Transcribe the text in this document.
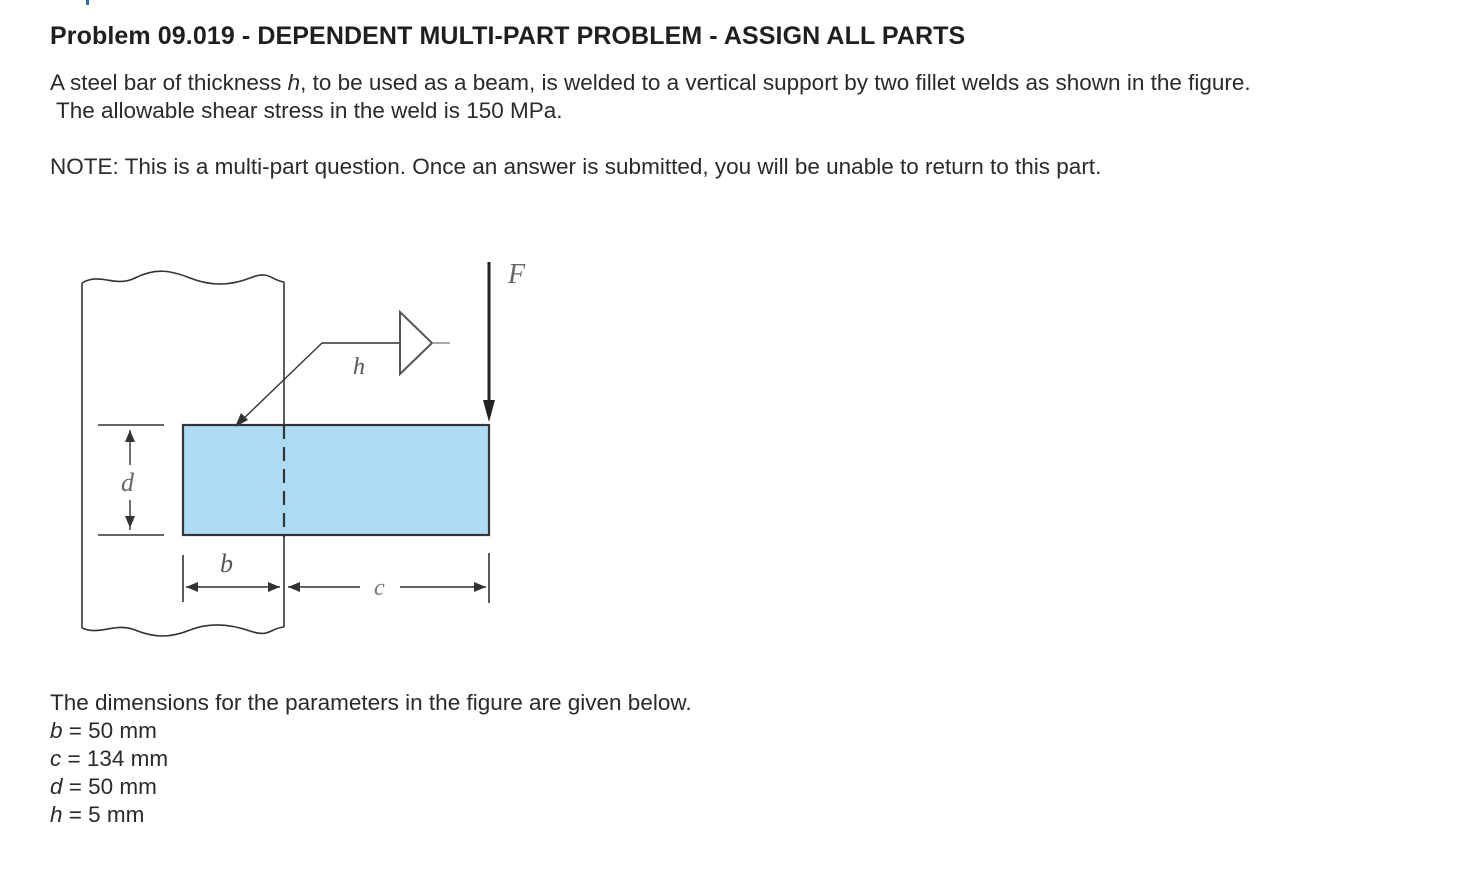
Problem 09.019 - DEPENDENT MULTI-PART PROBLEM - ASSIGN ALL PARTS
A steel bar of thickness h, to be used as a beam, is welded to a vertical support by two fillet welds as shown in the figure.
The allowable shear stress in the weld is 150 MPa.
NOTE: This is a multi-part question. Once an answer is submitted, you will be unable to return to this part.
F
h
d
b
c
The dimensions for the parameters in the figure are given below.
b = 50 mm
c = 134 mm
d = 50 mm
h = 5 mm
